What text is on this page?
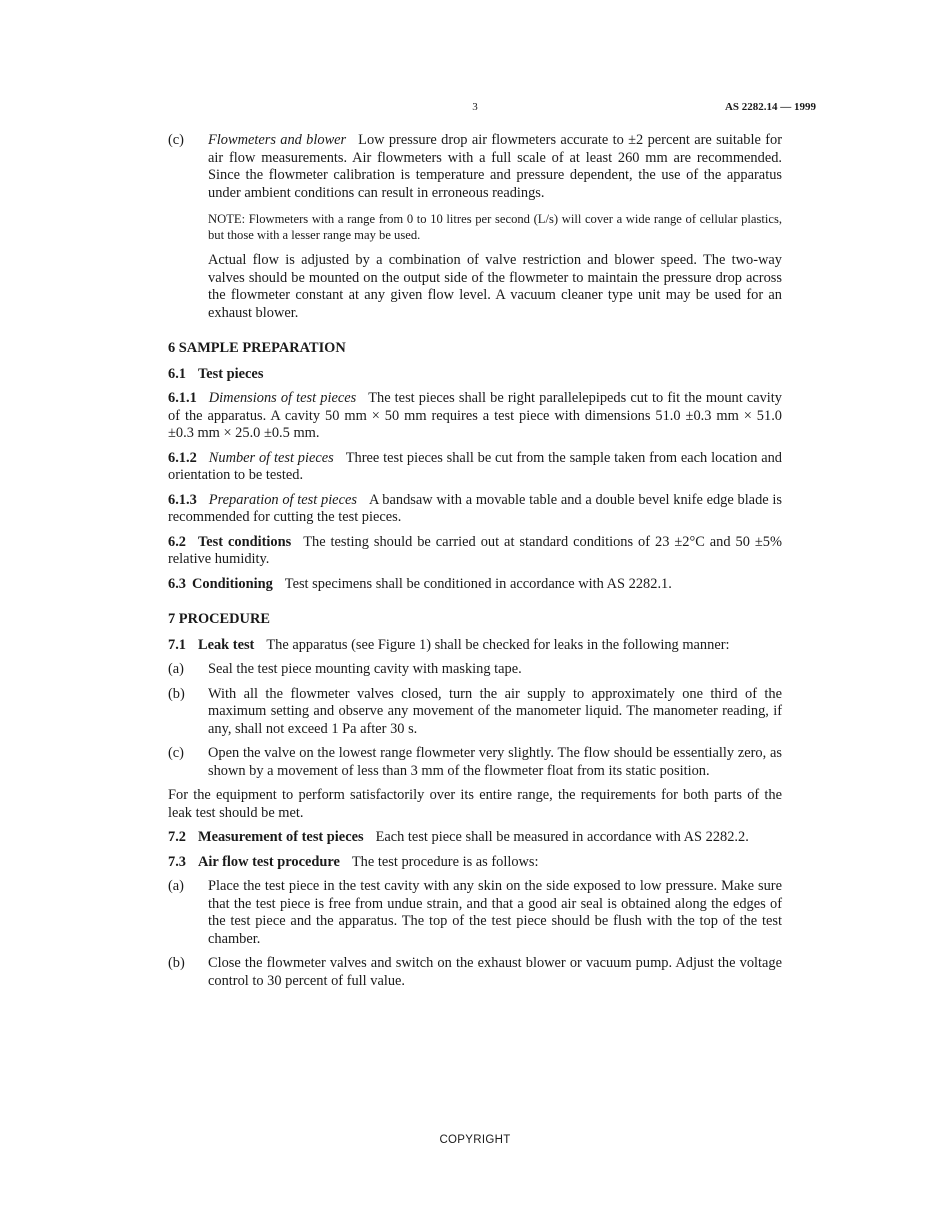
3	AS 2282.14 — 1999
(c)	Flowmeters and blower Low pressure drop air flowmeters accurate to ±2 percent are suitable for air flow measurements. Air flowmeters with a full scale of at least 260 mm are recommended. Since the flowmeter calibration is temperature and pressure dependent, the use of the apparatus under ambient conditions can result in erroneous readings.

NOTE: Flowmeters with a range from 0 to 10 litres per second (L/s) will cover a wide range of cellular plastics, but those with a lesser range may be used.

Actual flow is adjusted by a combination of valve restriction and blower speed. The two-way valves should be mounted on the output side of the flowmeter to maintain the pressure drop across the flowmeter constant at any given flow level. A vacuum cleaner type unit may be used for an exhaust blower.

6 SAMPLE PREPARATION

6.1 Test pieces

6.1.1 Dimensions of test pieces The test pieces shall be right parallelepipeds cut to fit the mount cavity of the apparatus. A cavity 50 mm × 50 mm requires a test piece with dimensions 51.0 ±0.3 mm × 51.0 ±0.3 mm × 25.0 ±0.5 mm.

6.1.2 Number of test pieces Three test pieces shall be cut from the sample taken from each location and orientation to be tested.

6.1.3 Preparation of test pieces A bandsaw with a movable table and a double bevel knife edge blade is recommended for cutting the test pieces.

6.2 Test conditions The testing should be carried out at standard conditions of 23 ±2°C and 50 ±5% relative humidity.

6.3 Conditioning Test specimens shall be conditioned in accordance with AS 2282.1.

7 PROCEDURE

7.1 Leak test The apparatus (see Figure 1) shall be checked for leaks in the following manner:

(a)	Seal the test piece mounting cavity with masking tape.
(b)	With all the flowmeter valves closed, turn the air supply to approximately one third of the maximum setting and observe any movement of the manometer liquid. The manometer reading, if any, shall not exceed 1 Pa after 30 s.
(c)	Open the valve on the lowest range flowmeter very slightly. The flow should be essentially zero, as shown by a movement of less than 3 mm of the flowmeter float from its static position.

For the equipment to perform satisfactorily over its entire range, the requirements for both parts of the leak test should be met.

7.2 Measurement of test pieces Each test piece shall be measured in accordance with AS 2282.2.

7.3 Air flow test procedure The test procedure is as follows:

(a)	Place the test piece in the test cavity with any skin on the side exposed to low pressure. Make sure that the test piece is free from undue strain, and that a good air seal is obtained along the edges of the test piece and the apparatus. The top of the test piece should be flush with the top of the test chamber.
(b)	Close the flowmeter valves and switch on the exhaust blower or vacuum pump. Adjust the voltage control to 30 percent of full value.
COPYRIGHT
